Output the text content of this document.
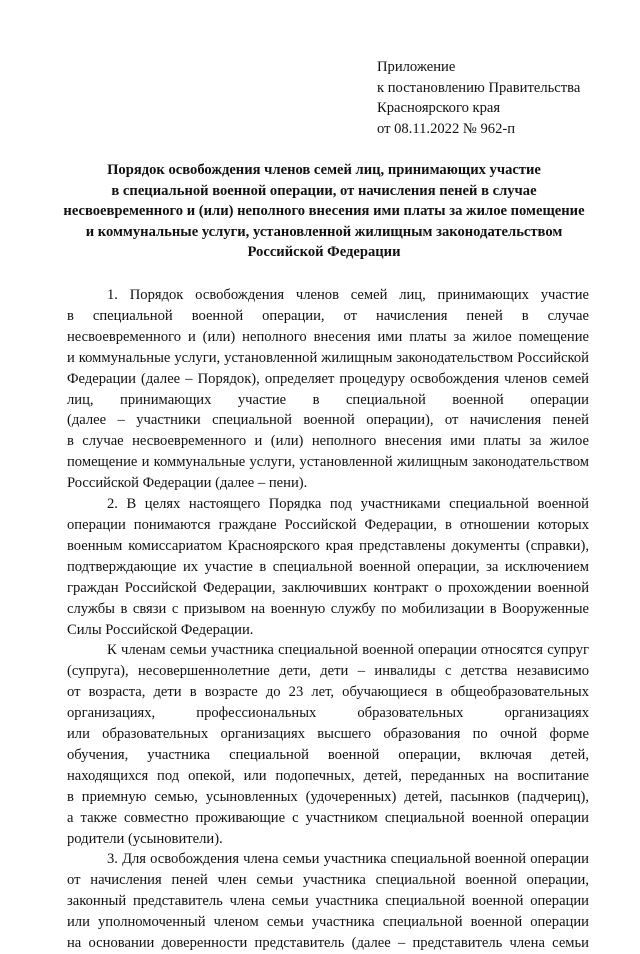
Приложение
к постановлению Правительства
Красноярского края
от 08.11.2022 № 962-п
Порядок освобождения членов семей лиц, принимающих участие
в специальной военной операции, от начисления пеней в случае
несвоевременного и (или) неполного внесения ими платы за жилое помещение
и коммунальные услуги, установленной жилищным законодательством
Российской Федерации
1. Порядок освобождения членов семей лиц, принимающих участие
в специальной военной операции, от начисления пеней в случае
несвоевременного и (или) неполного внесения ими платы за жилое помещение
и коммунальные услуги, установленной жилищным законодательством Российской
Федерации (далее – Порядок), определяет процедуру освобождения членов семей
лиц, принимающих участие в специальной военной операции
(далее – участники специальной военной операции), от начисления пеней
в случае несвоевременного и (или) неполного внесения ими платы за жилое
помещение и коммунальные услуги, установленной жилищным законодательством
Российской Федерации (далее – пени).
2. В целях настоящего Порядка под участниками специальной военной
операции понимаются граждане Российской Федерации, в отношении которых
военным комиссариатом Красноярского края представлены документы (справки),
подтверждающие их участие в специальной военной операции, за исключением
граждан Российской Федерации, заключивших контракт о прохождении военной
службы в связи с призывом на военную службу по мобилизации в Вооруженные
Силы Российской Федерации.
К членам семьи участника специальной военной операции относятся супруг
(супруга), несовершеннолетние дети, дети – инвалиды с детства независимо
от возраста, дети в возрасте до 23 лет, обучающиеся в общеобразовательных
организациях, профессиональных образовательных организациях
или образовательных организациях высшего образования по очной форме
обучения, участника специальной военной операции, включая детей,
находящихся под опекой, или подопечных, детей, переданных на воспитание
в приемную семью, усыновленных (удочеренных) детей, пасынков (падчериц),
а также совместно проживающие с участником специальной военной операции
родители (усыновители).
3. Для освобождения члена семьи участника специальной военной операции
от начисления пеней член семьи участника специальной военной операции,
законный представитель члена семьи участника специальной военной операции
или уполномоченный членом семьи участника специальной военной операции
на основании доверенности представитель (далее – представитель члена семьи
